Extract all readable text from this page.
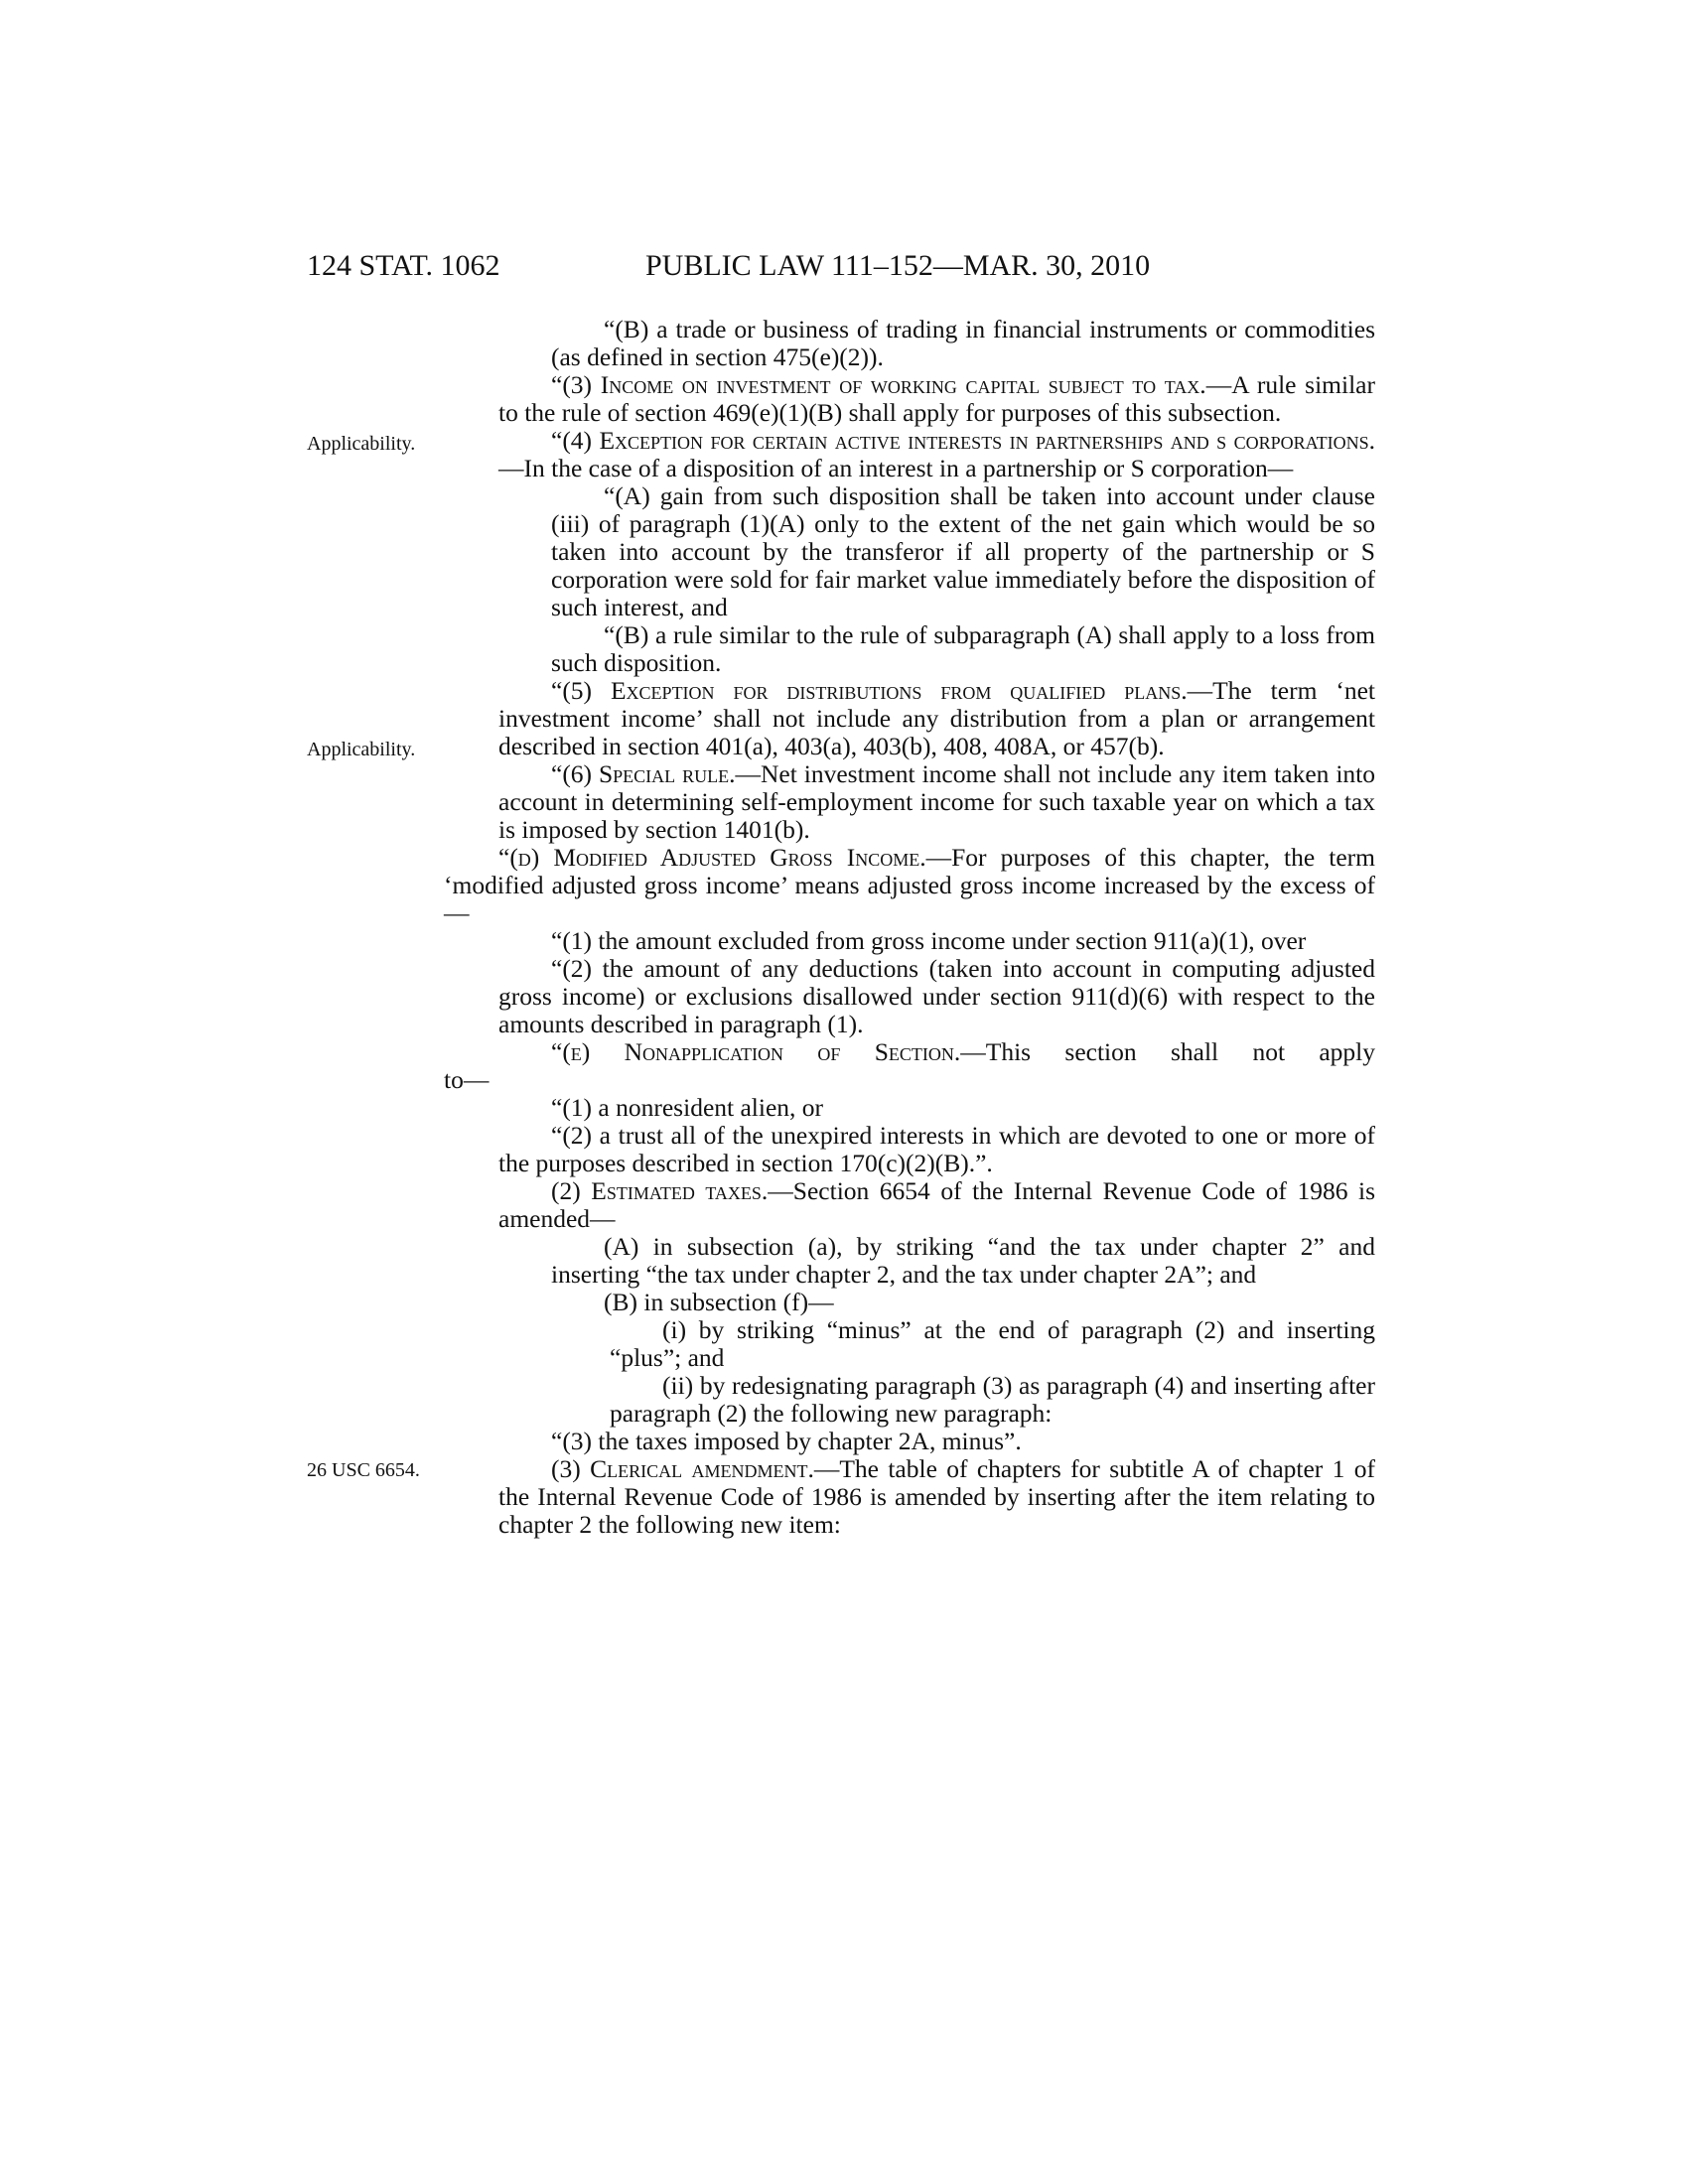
124 STAT. 1062	PUBLIC LAW 111–152—MAR. 30, 2010
Applicability.
Applicability.
26 USC 6654.

“(B) a trade or business of trading in financial instruments or commodities (as defined in section 475(e)(2)).

“(3) Income on investment of working capital subject to tax.—A rule similar to the rule of section 469(e)(1)(B) shall apply for purposes of this subsection.

“(4) Exception for certain active interests in partnerships and s corporations.—In the case of a disposition of an interest in a partnership or S corporation—

“(A) gain from such disposition shall be taken into account under clause (iii) of paragraph (1)(A) only to the extent of the net gain which would be so taken into account by the transferor if all property of the partnership or S corporation were sold for fair market value immediately before the disposition of such interest, and

“(B) a rule similar to the rule of subparagraph (A) shall apply to a loss from such disposition.

“(5) Exception for distributions from qualified plans.—The term ‘net investment income’ shall not include any distribution from a plan or arrangement described in section 401(a), 403(a), 403(b), 408, 408A, or 457(b).

“(6) Special rule.—Net investment income shall not include any item taken into account in determining self-employment income for such taxable year on which a tax is imposed by section 1401(b).

“(d) Modified Adjusted Gross Income.—For purposes of this chapter, the term ‘modified adjusted gross income’ means adjusted gross income increased by the excess of—

“(1) the amount excluded from gross income under section 911(a)(1), over

“(2) the amount of any deductions (taken into account in computing adjusted gross income) or exclusions disallowed under section 911(d)(6) with respect to the amounts described in paragraph (1).

“(e) Nonapplication of Section.—This section shall not apply

to—

“(1) a nonresident alien, or

“(2) a trust all of the unexpired interests in which are devoted to one or more of the purposes described in section 170(c)(2)(B).”.

(2) Estimated taxes.—Section 6654 of the Internal Revenue Code of 1986 is amended—

(A) in subsection (a), by striking “and the tax under chapter 2” and inserting “the tax under chapter 2, and the tax under chapter 2A”; and

(B) in subsection (f)—

(i) by striking “minus” at the end of paragraph (2) and inserting “plus”; and

(ii) by redesignating paragraph (3) as paragraph (4) and inserting after paragraph (2) the following new paragraph:

“(3) the taxes imposed by chapter 2A, minus”.

(3) Clerical amendment.—The table of chapters for subtitle A of chapter 1 of the Internal Revenue Code of 1986 is amended by inserting after the item relating to chapter 2 the following new item:
